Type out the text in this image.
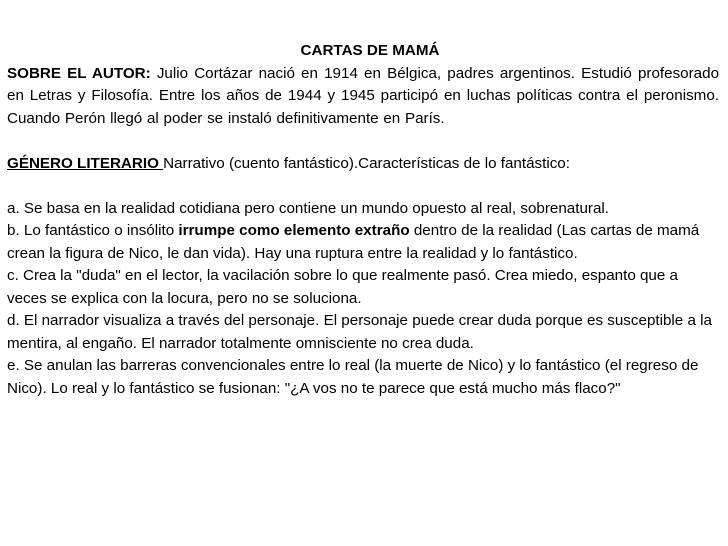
CARTAS DE MAMÁ

SOBRE EL AUTOR: Julio Cortázar nació en 1914 en Bélgica, padres argentinos. Estudió profesorado en Letras y Filosofía. Entre los años de 1944 y 1945 participó en luchas políticas contra el peronismo. Cuando Perón llegó al poder se instaló definitivamente en París.

GÉNERO LITERARIO Narrativo (cuento fantástico).Características de lo fantástico:

a. Se basa en la realidad cotidiana pero contiene un mundo opuesto al real, sobrenatural.

b. Lo fantástico o insólito irrumpe como elemento extraño dentro de la realidad (Las cartas de mamá crean la figura de Nico, le dan vida). Hay una ruptura entre la realidad y lo fantástico.

c. Crea la "duda" en el lector, la vacilación sobre lo que realmente pasó. Crea miedo, espanto que a veces se explica con la locura, pero no se soluciona.

d. El narrador visualiza a través del personaje. El personaje puede crear duda porque es susceptible a la mentira, al engaño. El narrador totalmente omnisciente no crea duda.

e. Se anulan las barreras convencionales entre lo real (la muerte de Nico) y lo fantástico (el regreso de Nico). Lo real y lo fantástico se fusionan: "¿A vos no te parece que está mucho más flaco?"
